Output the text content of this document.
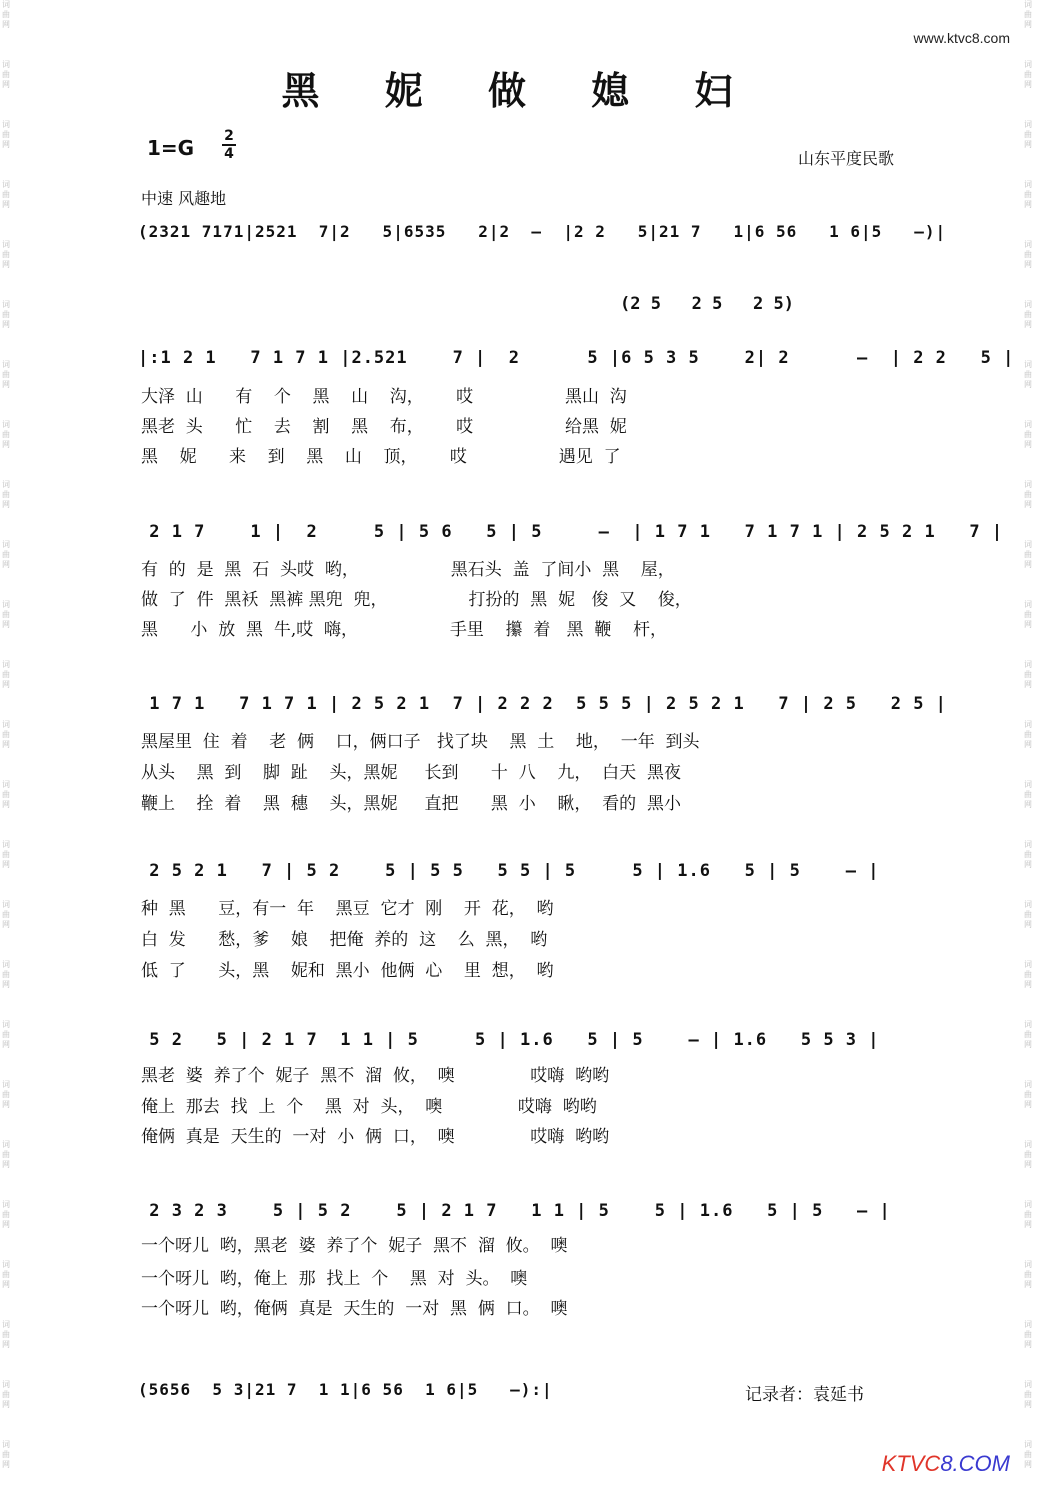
词
曲
网
词
曲
网
词
曲
网
词
曲
网
词
曲
网
词
曲
网
词
曲
网
词
曲
网
词
曲
网
词
曲
网
词
曲
网
词
曲
网
词
曲
网
词
曲
网
词
曲
网
词
曲
网
词
曲
网
词
曲
网
词
曲
网
词
曲
网
词
曲
网
词
曲
网
词
曲
网
词
曲
网
词
曲
网
词
曲
网
词
曲
网
词
曲
网
词
曲
网
词
曲
网
词
曲
网
词
曲
网
词
曲
网
词
曲
网
词
曲
网
词
曲
网
词
曲
网
词
曲
网
词
曲
网
词
曲
网
词
曲
网
词
曲
网
词
曲
网
词
曲
网
词
曲
网
词
曲
网
词
曲
网
词
曲
网
词
曲
网
词
曲
网
www.ktvc8.com
黑 妮 做 媳 妇
$1=G \frac{2}{4}$	山东平度民歌
中速 风趣地
(2 5   2 5   2 5)
(2321 7171|2521  7|2   5|6535   2|2  —  |2 2   5|21 7   1|6 56   1 6|5   —)|
|:1 2 1   7 1 7 1 |2.521    7 |  2      5 |6 5 3 5    2| 2      —  | 2 2   5 |
大泽  山      有    个    黑    山    沟，      哎                 黑山  沟
黑老  头      忙    去    割    黑    布，      哎                 给黑  妮
黑    妮      来    到    黑    山    顶，      哎                 遇见  了
2 1 7    1 |  2     5 | 5 6   5 | 5     —  | 1 7 1   7 1 7 1 | 2 5 2 1   7 |
有  的  是  黑  石  头哎  哟，                 黑石头  盖  了间小  黑    屋，
做  了  件  黑袄  黑裤 黑兜  兜，               打扮的  黑  妮   俊  又    俊，
黑      小  放  黑  牛,哎  嗨，                 手里    攥  着   黑  鞭    杆，
1 7 1   7 1 7 1 | 2 5 2 1  7 | 2 2 2  5 5 5 | 2 5 2 1   7 | 2 5   2 5 |
黑屋里  住  着    老  俩    口，俩口子   找了块    黑  土    地，  一年  到头
从头    黑  到    脚  趾    头，黑妮     长到      十  八    九，  白天  黑夜
鞭上    拴  着    黑  穗    头，黑妮     直把      黑  小    瞅，  看的  黑小
2 5 2 1   7 | 5 2    5 | 5 5   5 5 | 5     5 | 1.6   5 | 5    — |
种  黑      豆，有一  年    黑豆  它才  刚    开  花，  哟
白  发      愁，爹    娘    把俺  养的  这    么  黑，  哟
低  了      头，黑    妮和  黑小  他俩  心    里  想，  哟
5 2   5 | 2 1 7  1 1 | 5     5 | 1.6   5 | 5    — | 1.6   5 5 3 |
黑老  婆  养了个  妮子  黑不  溜  攸，  噢              哎嗨  哟哟
俺上  那去  找  上  个    黑  对  头，  噢              哎嗨  哟哟
俺俩  真是  天生的  一对  小  俩  口，  噢              哎嗨  哟哟
2 3 2 3    5 | 5 2    5 | 2 1 7   1 1 | 5    5 | 1.6   5 | 5   — |
一个呀儿  哟，黑老  婆  养了个  妮子  黑不  溜  攸。  噢
一个呀儿  哟，俺上  那  找上  个    黑  对  头。  噢
一个呀儿  哟，俺俩  真是  天生的  一对  黑  俩  口。  噢
(5656  5 3|21 7  1 1|6 56  1 6|5   —):|	记录者：袁延书
KTVC8.COM
